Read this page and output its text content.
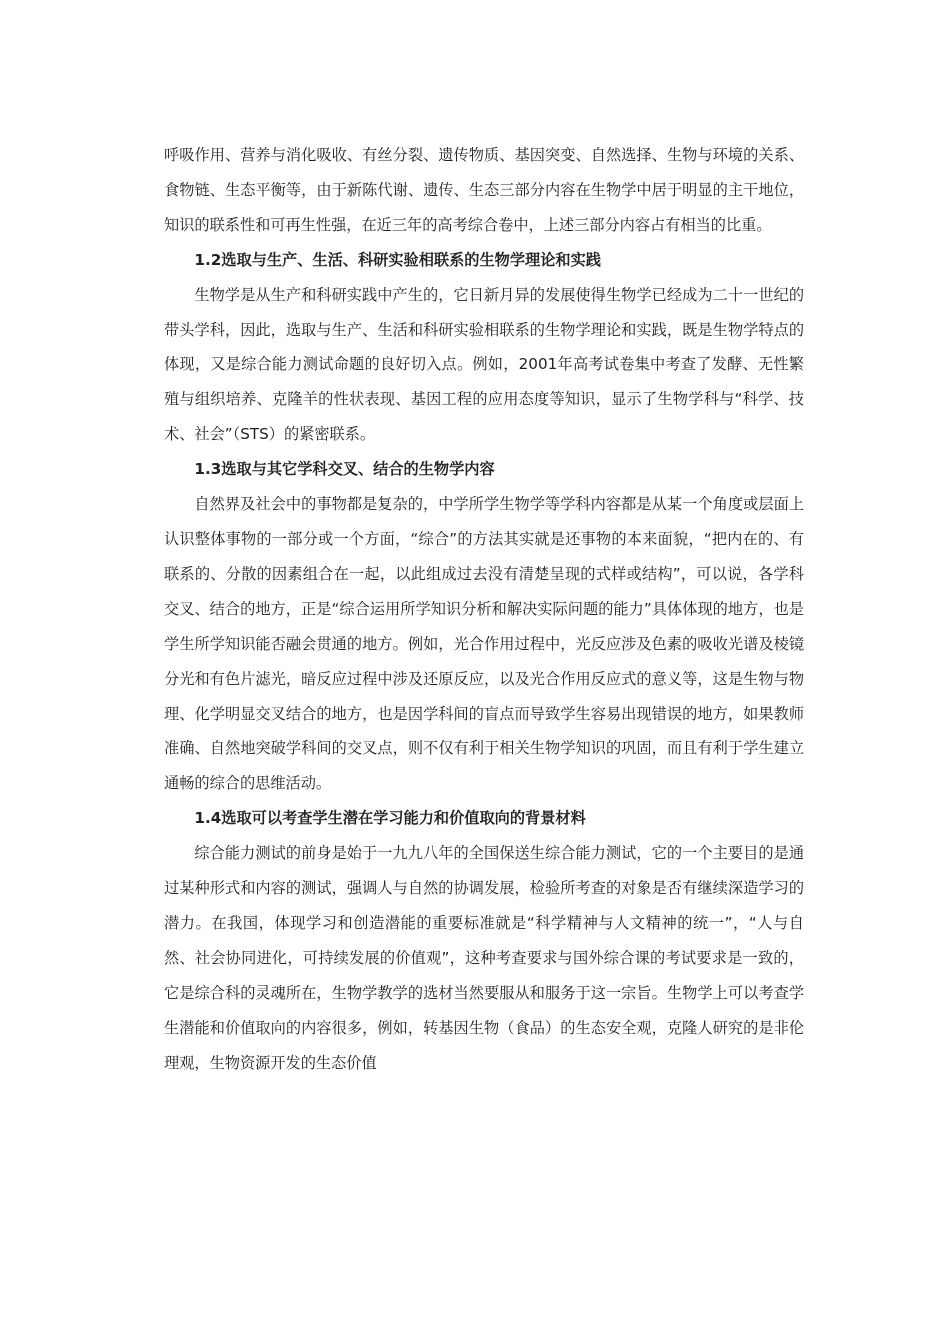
呼吸作用、营养与消化吸收、有丝分裂、遗传物质、基因突变、自然选择、生物与环境的关系、食物链、生态平衡等，由于新陈代谢、遗传、生态三部分内容在生物学中居于明显的主干地位，知识的联系性和可再生性强，在近三年的高考综合卷中，上述三部分内容占有相当的比重。

1.2选取与生产、生活、科研实验相联系的生物学理论和实践

生物学是从生产和科研实践中产生的，它日新月异的发展使得生物学已经成为二十一世纪的带头学科，因此，选取与生产、生活和科研实验相联系的生物学理论和实践，既是生物学特点的体现，又是综合能力测试命题的良好切入点。例如，2001年高考试卷集中考查了发酵、无性繁殖与组织培养、克隆羊的性状表现、基因工程的应用态度等知识，显示了生物学科与“科学、技术、社会”（STS）的紧密联系。

1.3选取与其它学科交叉、结合的生物学内容

自然界及社会中的事物都是复杂的，中学所学生物学等学科内容都是从某一个角度或层面上认识整体事物的一部分或一个方面，“综合”的方法其实就是还事物的本来面貌，“把内在的、有联系的、分散的因素组合在一起，以此组成过去没有清楚呈现的式样或结构”，可以说，各学科交叉、结合的地方，正是“综合运用所学知识分析和解决实际问题的能力”具体体现的地方，也是学生所学知识能否融会贯通的地方。例如，光合作用过程中，光反应涉及色素的吸收光谱及棱镜分光和有色片滤光，暗反应过程中涉及还原反应，以及光合作用反应式的意义等，这是生物与物理、化学明显交叉结合的地方，也是因学科间的盲点而导致学生容易出现错误的地方，如果教师准确、自然地突破学科间的交叉点，则不仅有利于相关生物学知识的巩固，而且有利于学生建立通畅的综合的思维活动。

1.4选取可以考查学生潜在学习能力和价值取向的背景材料

综合能力测试的前身是始于一九九八年的全国保送生综合能力测试，它的一个主要目的是通过某种形式和内容的测试，强调人与自然的协调发展，检验所考查的对象是否有继续深造学习的潜力。在我国，体现学习和创造潜能的重要标准就是“科学精神与人文精神的统一”，“人与自然、社会协同进化，可持续发展的价值观”，这种考查要求与国外综合课的考试要求是一致的，它是综合科的灵魂所在，生物学教学的选材当然要服从和服务于这一宗旨。生物学上可以考查学生潜能和价值取向的内容很多，例如，转基因生物（食品）的生态安全观，克隆人研究的是非伦理观，生物资源开发的生态价值
